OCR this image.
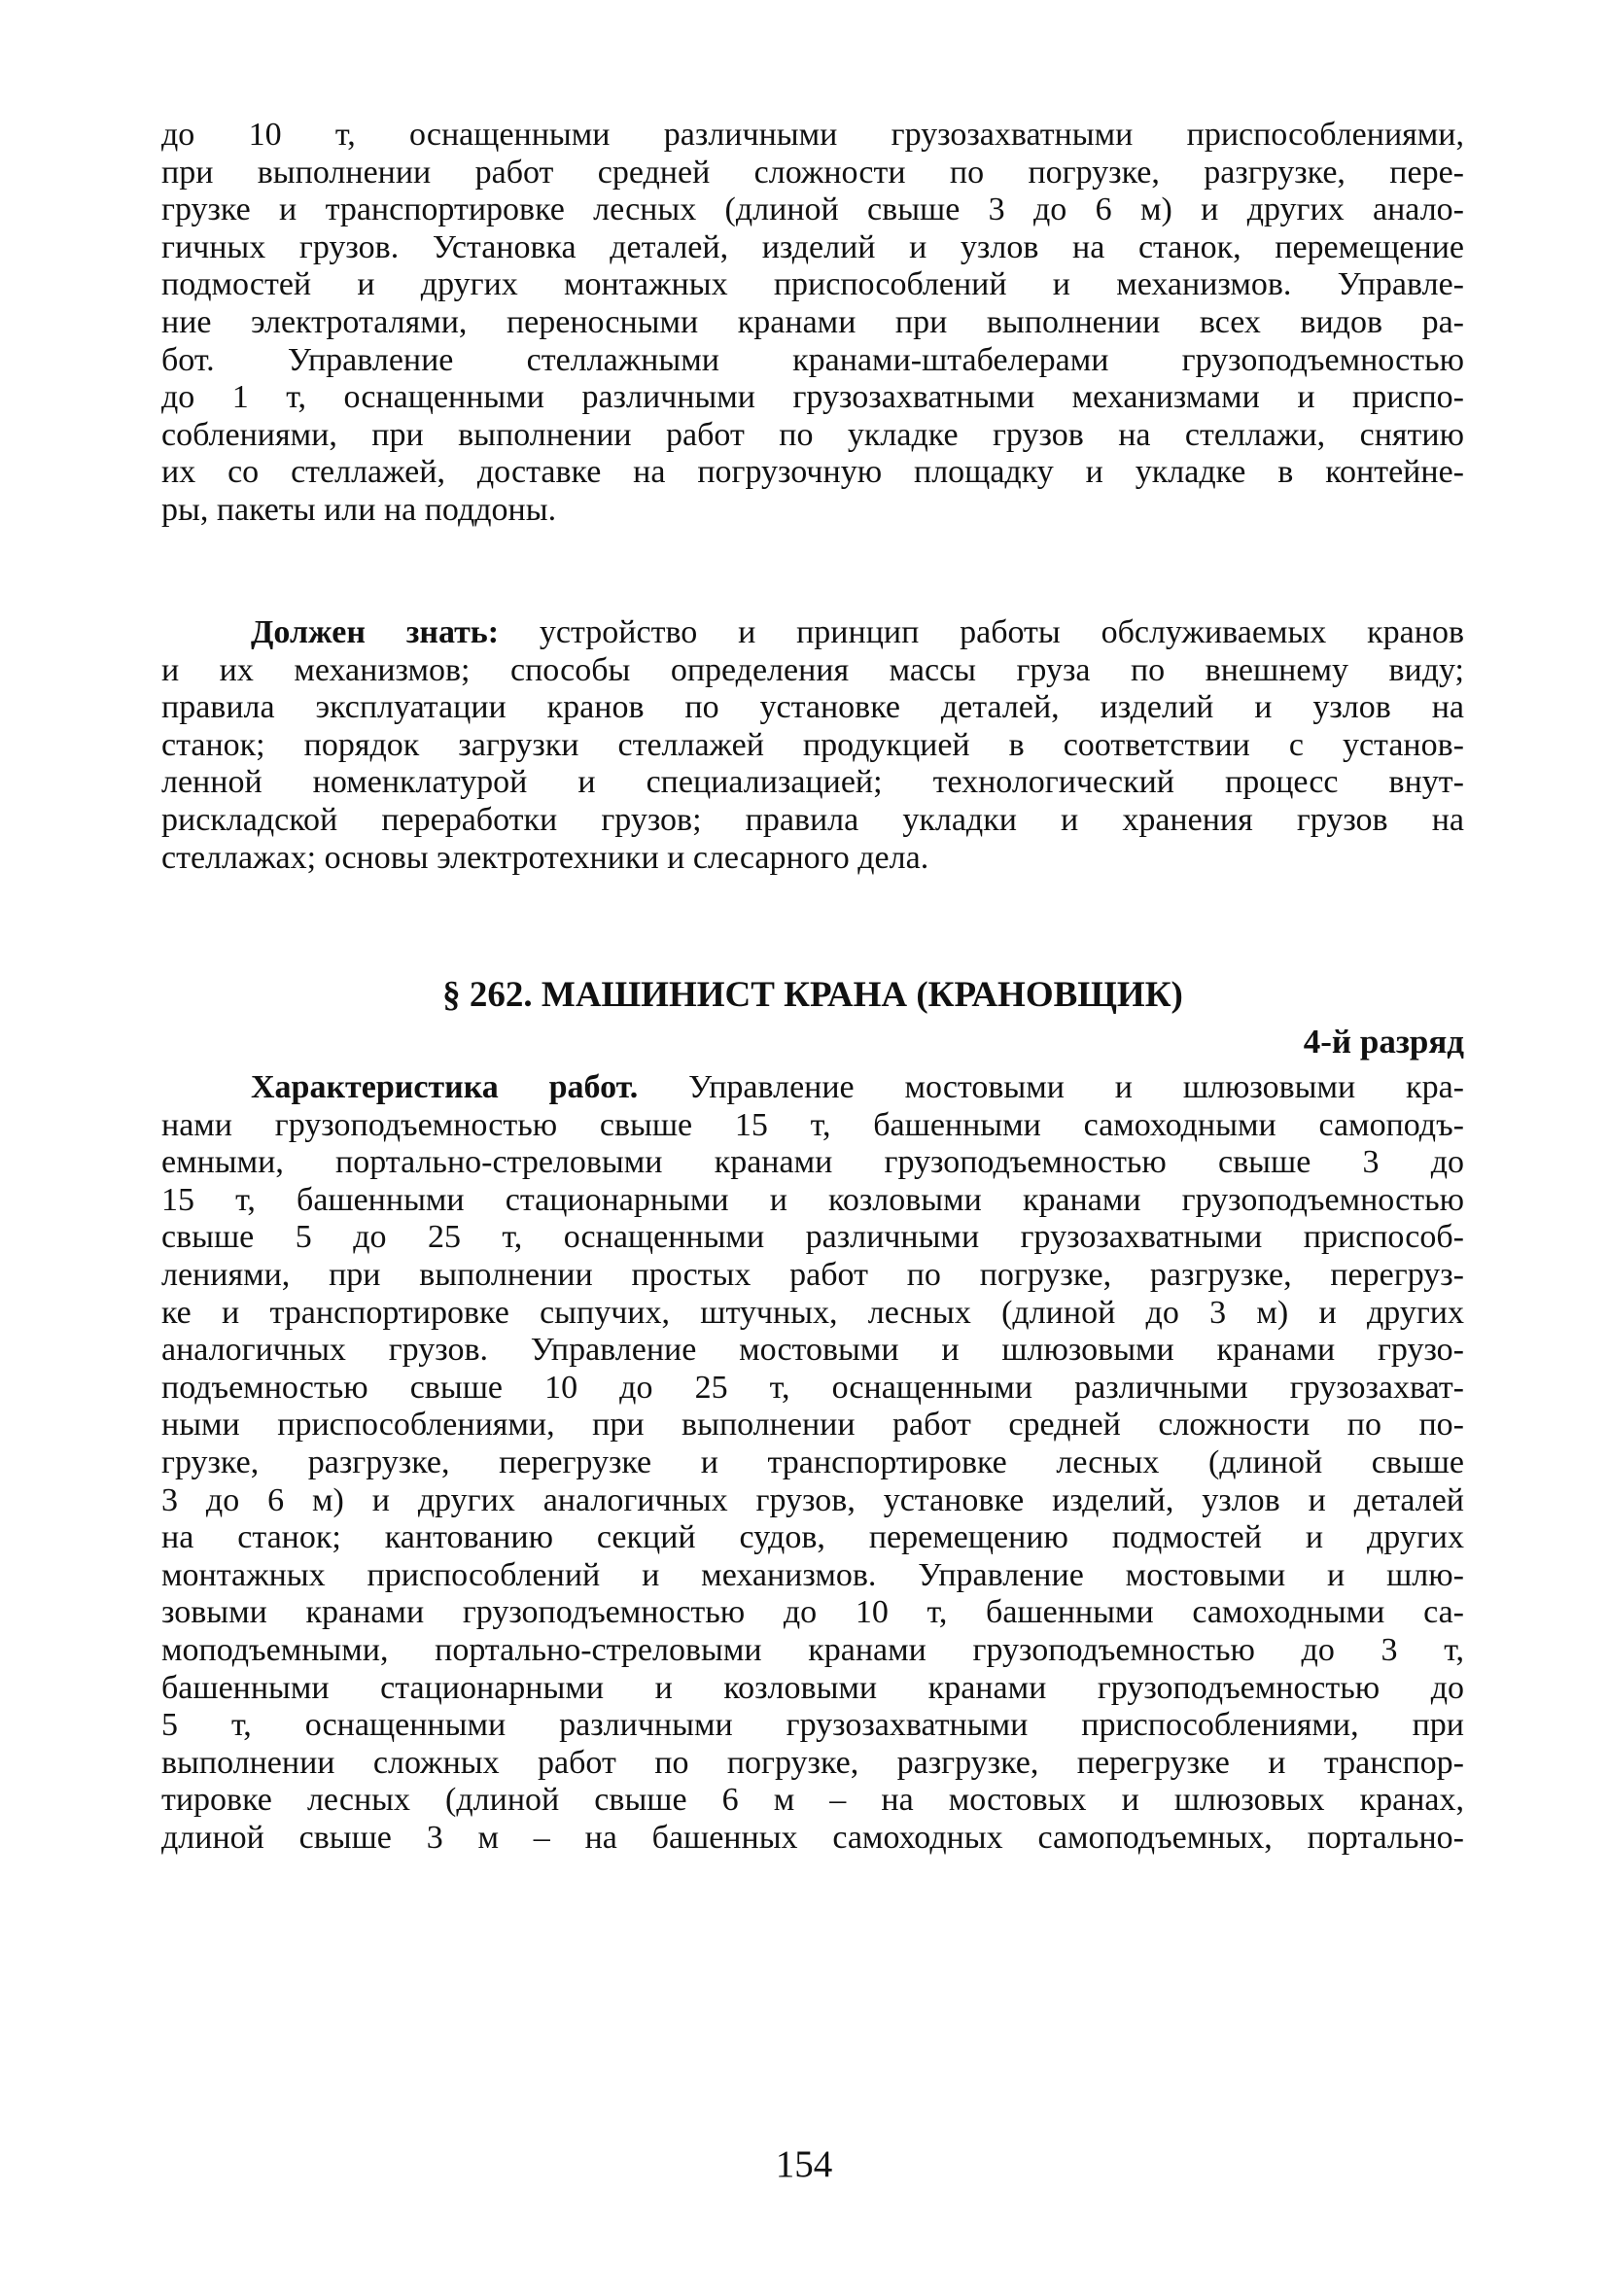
до 10 т, оснащенными различными грузозахватными приспособлениями,
при выполнении работ средней сложности по погрузке, разгрузке, пере-
грузке и транспортировке лесных (длиной свыше 3 до 6 м) и других анало-
гичных грузов. Установка деталей, изделий и узлов на станок, перемещение
подмостей и других монтажных приспособлений и механизмов. Управле-
ние электроталями, переносными кранами при выполнении всех видов ра-
бот. Управление стеллажными кранами-штабелерами грузоподъемностью
до 1 т, оснащенными различными грузозахватными механизмами и приспо-
соблениями, при выполнении работ по укладке грузов на стеллажи, снятию
их со стеллажей, доставке на погрузочную площадку и укладке в контейне-
ры, пакеты или на поддоны.
Должен знать: устройство и принцип работы обслуживаемых кранов
и их механизмов; способы определения массы груза по внешнему виду;
правила эксплуатации кранов по установке деталей, изделий и узлов на
станок; порядок загрузки стеллажей продукцией в соответствии с установ-
ленной номенклатурой и специализацией; технологический процесс внут-
рискладской переработки грузов; правила укладки и хранения грузов на
стеллажах; основы электротехники и слесарного дела.
§ 262. МАШИНИСТ КРАНА (КРАНОВЩИК)
4-й разряд
Характеристика работ. Управление мостовыми и шлюзовыми кра-
нами грузоподъемностью свыше 15 т, башенными самоходными самоподъ-
емными, портально-стреловыми кранами грузоподъемностью свыше 3 до
15 т, башенными стационарными и козловыми кранами грузоподъемностью
свыше 5 до 25 т, оснащенными различными грузозахватными приспособ-
лениями, при выполнении простых работ по погрузке, разгрузке, перегруз-
ке и транспортировке сыпучих, штучных, лесных (длиной до 3 м) и других
аналогичных грузов. Управление мостовыми и шлюзовыми кранами грузо-
подъемностью свыше 10 до 25 т, оснащенными различными грузозахват-
ными приспособлениями, при выполнении работ средней сложности по по-
грузке, разгрузке, перегрузке и транспортировке лесных (длиной свыше
3 до 6 м) и других аналогичных грузов, установке изделий, узлов и деталей
на станок; кантованию секций судов, перемещению подмостей и других
монтажных приспособлений и механизмов. Управление мостовыми и шлю-
зовыми кранами грузоподъемностью до 10 т, башенными самоходными са-
моподъемными, портально-стреловыми кранами грузоподъемностью до 3 т,
башенными стационарными и козловыми кранами грузоподъемностью до
5 т, оснащенными различными грузозахватными приспособлениями, при
выполнении сложных работ по погрузке, разгрузке, перегрузке и транспор-
тировке лесных (длиной свыше 6 м – на мостовых и шлюзовых кранах,
длиной свыше 3 м – на башенных самоходных самоподъемных, портально-
154
